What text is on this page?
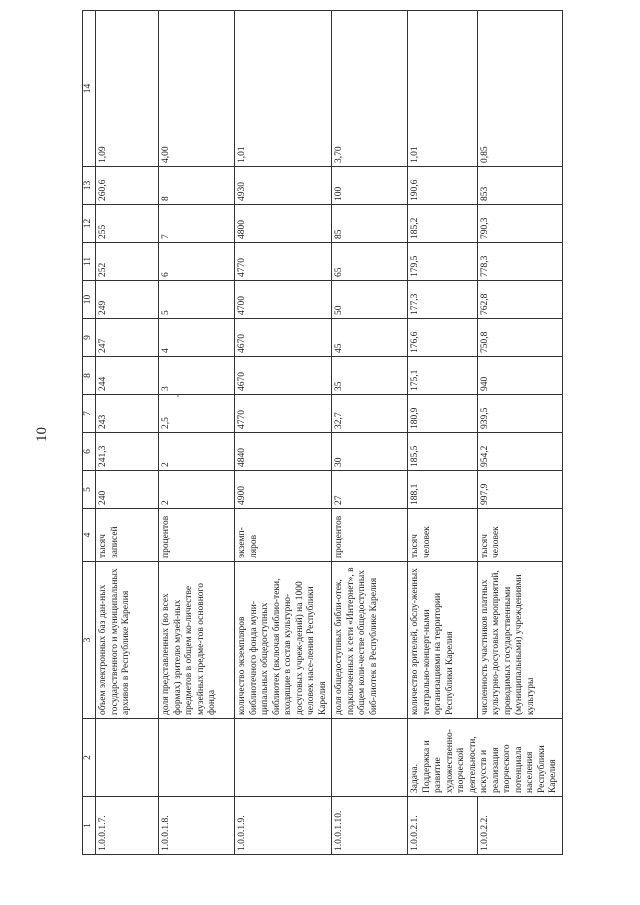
10
1	2	3	4	5	6	7	8	9	10	11	12	13	14
1.0.0.1.7.		объем электронных баз дан-ных государственного и муниципальных архивов в Республике Карелия	тысяч записей	240	241,3	243	244	247	249	252	255	260,6	1,09
1.0.0.1.8.		доля представленных (во всех формах) зрителю музей-ных предметов в общем ко-личестве музейных предме-тов основного фонда	процентов	2	2	2,5	3	4	5	6	7	8	4,00
1.0.0.1.9.		количество экземпляров библиотечного фонда муни-ципальных общедоступных библиотек (включая библио-теки, входящие в состав культурно-досуговых учреж-дений) на 1000 человек насе-ления Республики Карелия	экземп-ляров	4900	4840	4770	4670	4670	4700	4770	4800	4930	1,01
1.0.0.1.10.		доля общедоступных библи-отек, подключенных к сети «Интернет», в общем коли-честве общедоступных биб-лиотек в Республике Карелия	процентов	27	30	32,7	35	45	50	65	85	100	3,70
1.0.0.2.1.	Задача. Поддержка и развитие художественно-творческой деятельности, искусств и реализация творческого потенциала населения Республики Карелия	количество зрителей, обслу-женных театрально-концерт-ными организациями на территории Республики Карелия	тысяч человек	188,1	185,5	180,9	175,1	176,6	177,3	179,5	185,2	190,6	1,01
1.0.0.2.2.		численность участников платных культурно-досуговых мероприятий, проводимых государственными (муниципальными) учреждениями культуры	тысяч человек	997,9	954,2	939,5	940	750,8	762,8	778,3	790,3	853	0,85
